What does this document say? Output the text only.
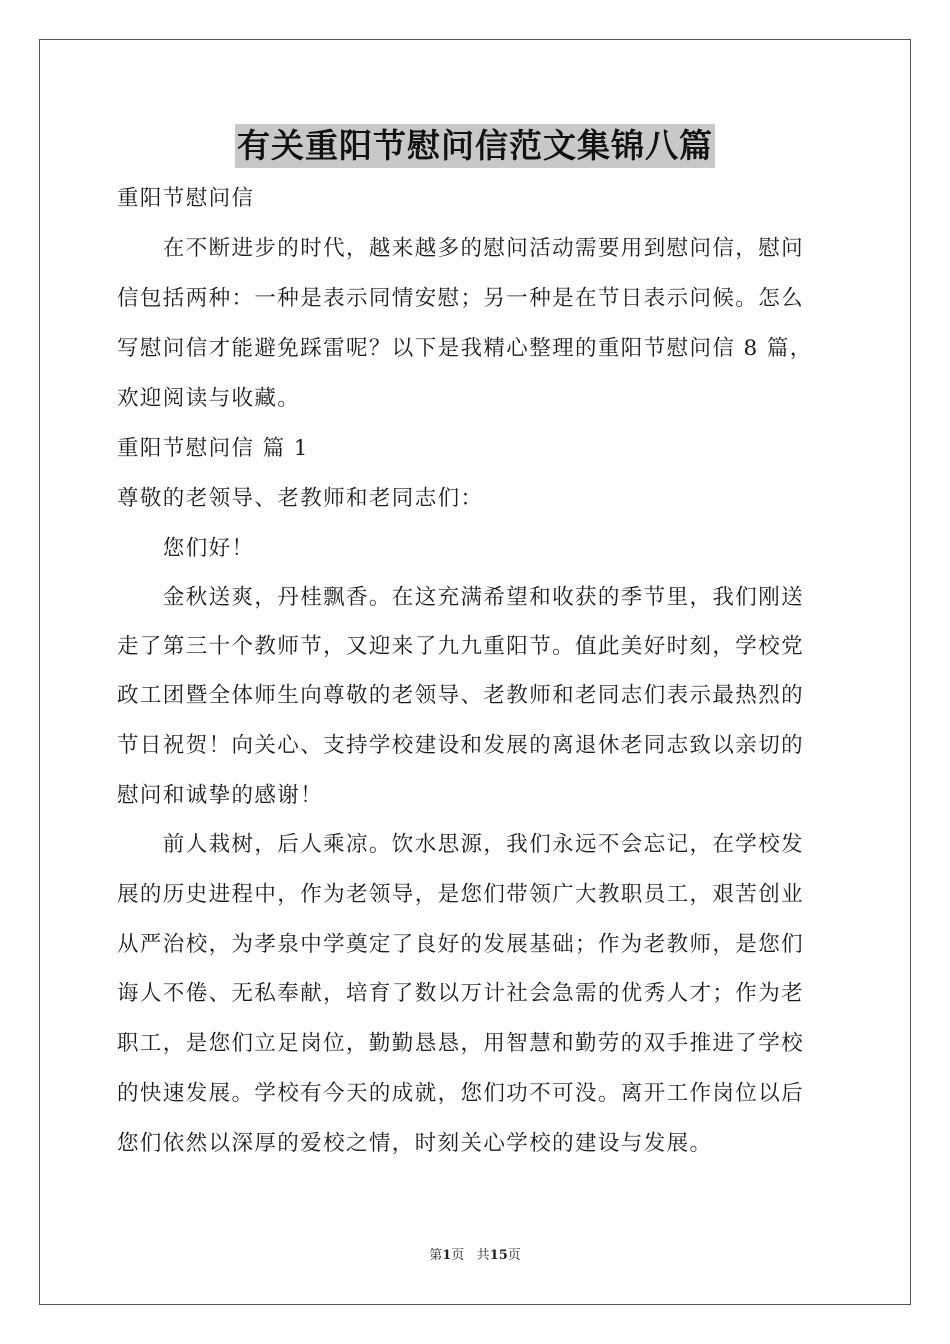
有关重阳节慰问信范文集锦八篇
重阳节慰问信
　　在不断进步的时代，越来越多的慰问活动需要用到慰问信，慰问
信包括两种：一种是表示同情安慰；另一种是在节日表示问候。怎么
写慰问信才能避免踩雷呢？以下是我精心整理的重阳节慰问信 8 篇，
欢迎阅读与收藏。
重阳节慰问信 篇 1
尊敬的老领导、老教师和老同志们：
　　您们好！
　　金秋送爽，丹桂飘香。在这充满希望和收获的季节里，我们刚送
走了第三十个教师节，又迎来了九九重阳节。值此美好时刻，学校党
政工团暨全体师生向尊敬的老领导、老教师和老同志们表示最热烈的
节日祝贺！向关心、支持学校建设和发展的离退休老同志致以亲切的
慰问和诚挚的感谢！
　　前人栽树，后人乘凉。饮水思源，我们永远不会忘记，在学校发
展的历史进程中，作为老领导，是您们带领广大教职员工，艰苦创业
从严治校，为孝泉中学奠定了良好的发展基础；作为老教师，是您们
诲人不倦、无私奉献，培育了数以万计社会急需的优秀人才；作为老
职工，是您们立足岗位，勤勤恳恳，用智慧和勤劳的双手推进了学校
的快速发展。学校有今天的成就，您们功不可没。离开工作岗位以后
您们依然以深厚的爱校之情，时刻关心学校的建设与发展。
第1页 共15页
